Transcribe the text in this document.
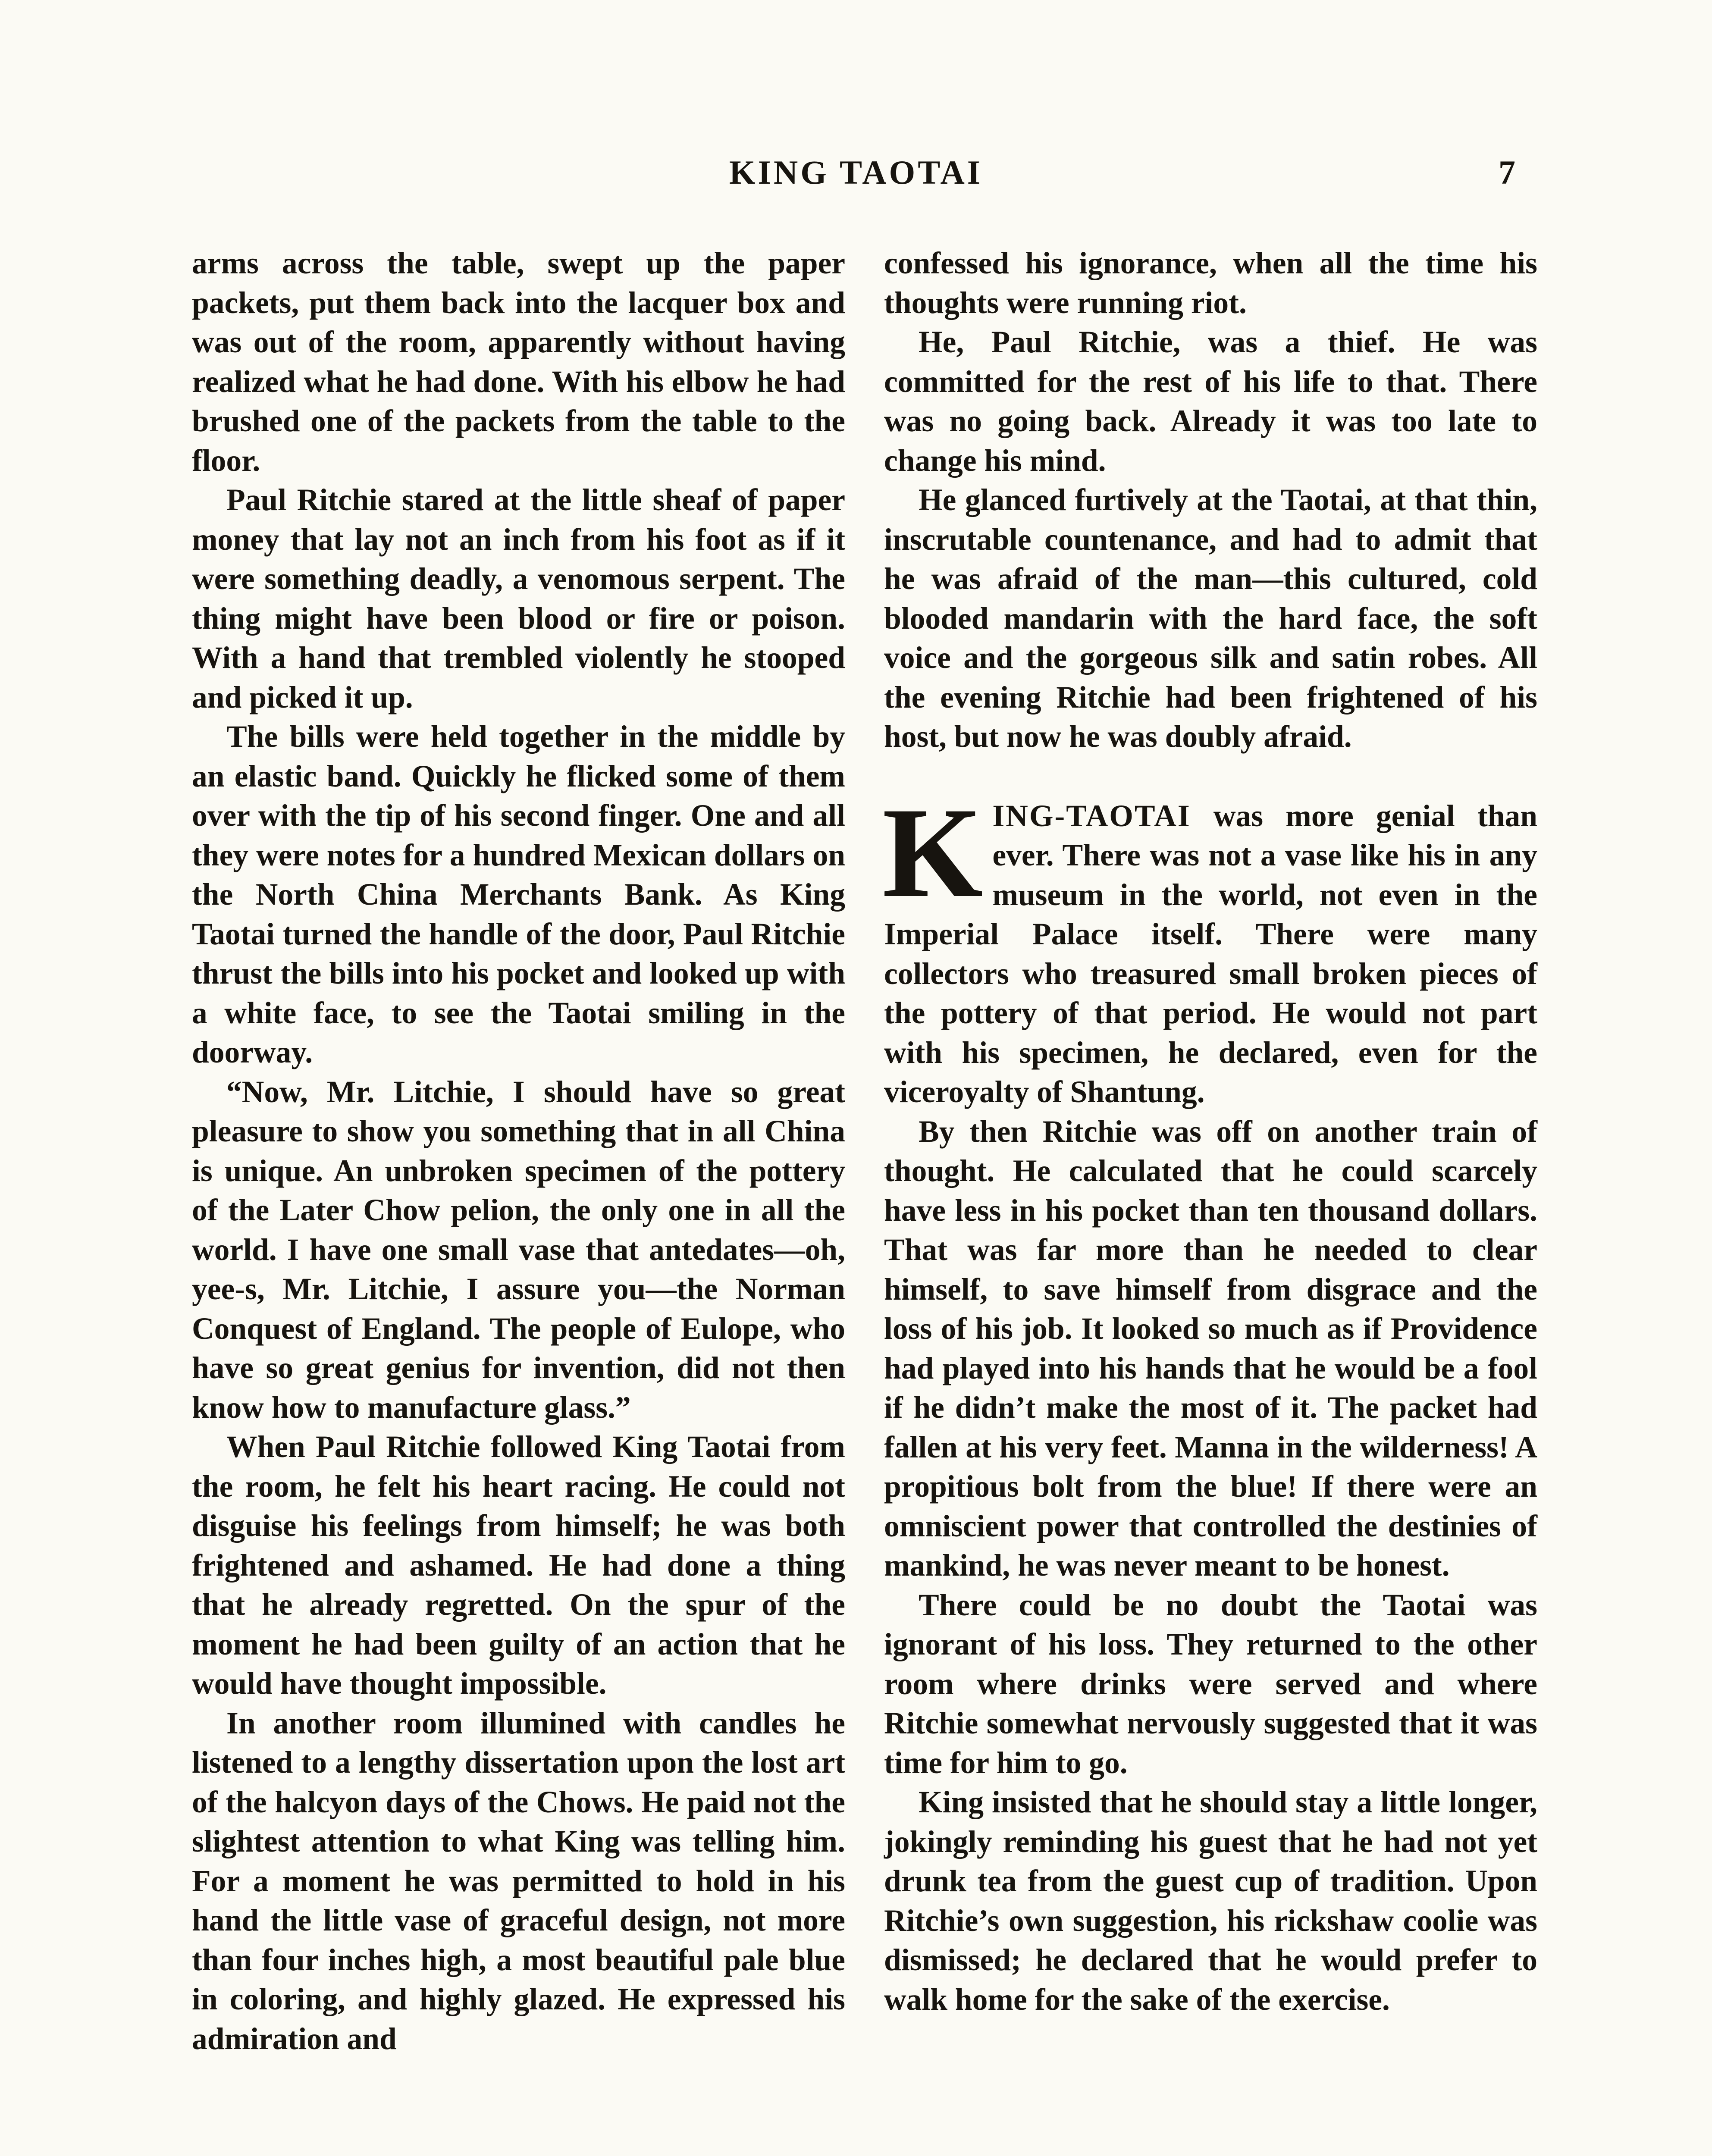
KING TAOTAI	7

arms across the table, swept up the paper packets, put them back into the lacquer box and was out of the room, apparently without having realized what he had done. With his elbow he had brushed one of the packets from the table to the floor.

Paul Ritchie stared at the little sheaf of paper money that lay not an inch from his foot as if it were something deadly, a venomous serpent. The thing might have been blood or fire or poison. With a hand that trembled violently he stooped and picked it up.

The bills were held together in the middle by an elastic band. Quickly he flicked some of them over with the tip of his second finger. One and all they were notes for a hundred Mexican dollars on the North China Merchants Bank. As King Taotai turned the handle of the door, Paul Ritchie thrust the bills into his pocket and looked up with a white face, to see the Taotai smiling in the doorway.

“Now, Mr. Litchie, I should have so great pleasure to show you something that in all China is unique. An unbroken specimen of the pottery of the Later Chow pelion, the only one in all the world. I have one small vase that antedates—oh, yee-s, Mr. Litchie, I assure you—the Norman Conquest of England. The people of Eulope, who have so great genius for invention, did not then know how to manufacture glass.”

When Paul Ritchie followed King Taotai from the room, he felt his heart racing. He could not disguise his feelings from himself; he was both frightened and ashamed. He had done a thing that he already regretted. On the spur of the moment he had been guilty of an action that he would have thought impossible.

In another room illumined with candles he listened to a lengthy dissertation upon the lost art of the halcyon days of the Chows. He paid not the slightest attention to what King was telling him. For a moment he was permitted to hold in his hand the little vase of graceful design, not more than four inches high, a most beautiful pale blue in coloring, and highly glazed. He expressed his admiration and

confessed his ignorance, when all the time his thoughts were running riot.

He, Paul Ritchie, was a thief. He was committed for the rest of his life to that. There was no going back. Already it was too late to change his mind.

He glanced furtively at the Taotai, at that thin, inscrutable countenance, and had to admit that he was afraid of the man—this cultured, cold blooded mandarin with the hard face, the soft voice and the gorgeous silk and satin robes. All the evening Ritchie had been frightened of his host, but now he was doubly afraid.

KING-TAOTAI was more genial than ever. There was not a vase like his in any museum in the world, not even in the Imperial Palace itself. There were many collectors who treasured small broken pieces of the pottery of that period. He would not part with his specimen, he declared, even for the viceroyalty of Shantung.

By then Ritchie was off on another train of thought. He calculated that he could scarcely have less in his pocket than ten thousand dollars. That was far more than he needed to clear himself, to save himself from disgrace and the loss of his job. It looked so much as if Providence had played into his hands that he would be a fool if he didn’t make the most of it. The packet had fallen at his very feet. Manna in the wilderness! A propitious bolt from the blue! If there were an omniscient power that controlled the destinies of mankind, he was never meant to be honest.

There could be no doubt the Taotai was ignorant of his loss. They returned to the other room where drinks were served and where Ritchie somewhat nervously suggested that it was time for him to go.

King insisted that he should stay a little longer, jokingly reminding his guest that he had not yet drunk tea from the guest cup of tradition. Upon Ritchie’s own suggestion, his rickshaw coolie was dismissed; he declared that he would prefer to walk home for the sake of the exercise.
